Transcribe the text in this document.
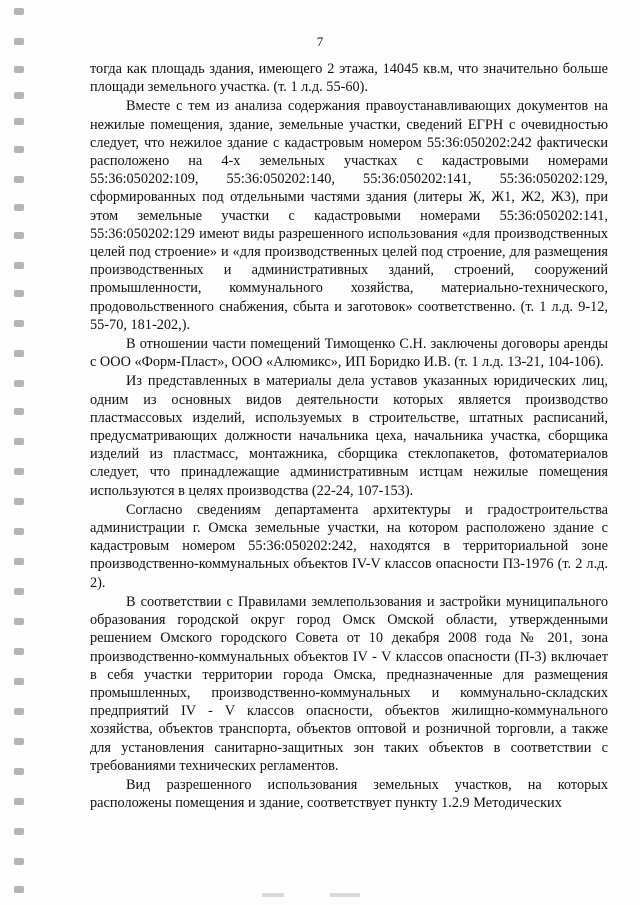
7

тогда как площадь здания, имеющего 2 этажа, 14045 кв.м, что значительно больше площади земельного участка. (т. 1 л.д. 55-60).

Вместе с тем из анализа содержания правоустанавливающих документов на нежилые помещения, здание, земельные участки, сведений ЕГРН с очевидностью следует, что нежилое здание с кадастровым номером 55:36:050202:242 фактически расположено на 4-х земельных участках с кадастровыми номерами 55:36:050202:109, 55:36:050202:140, 55:36:050202:141, 55:36:050202:129, сформированных под отдельными частями здания (литеры Ж, Ж1, Ж2, Ж3), при этом земельные участки с кадастровыми номерами 55:36:050202:141, 55:36:050202:129 имеют виды разрешенного использования «для производственных целей под строение» и «для производственных целей под строение, для размещения производственных и административных зданий, строений, сооружений промышленности, коммунального хозяйства, материально-технического, продовольственного снабжения, сбыта и заготовок» соответственно. (т. 1 л.д. 9-12, 55-70, 181-202,).

В отношении части помещений Тимощенко С.Н. заключены договоры аренды с ООО «Форм-Пласт», ООО «Алюмикс», ИП Боридко И.В. (т. 1 л.д. 13-21, 104-106).

Из представленных в материалы дела уставов указанных юридических лиц, одним из основных видов деятельности которых является производство пластмассовых изделий, используемых в строительстве, штатных расписаний, предусматривающих должности начальника цеха, начальника участка, сборщика изделий из пластмасс, монтажника, сборщика стеклопакетов, фотоматериалов следует, что принадлежащие административным истцам нежилые помещения используются в целях производства (22-24, 107-153).

Согласно сведениям департамента архитектуры и градостроительства администрации г. Омска земельные участки, на котором расположено здание с кадастровым номером 55:36:050202:242, находятся в территориальной зоне производственно-коммунальных объектов IV-V классов опасности П3-1976 (т. 2 л.д. 2).

В соответствии с Правилами землепользования и застройки муниципального образования городской округ город Омск Омской области, утвержденными решением Омского городского Совета от 10 декабря 2008 года № 201, зона производственно-коммунальных объектов IV - V классов опасности (П-3) включает в себя участки территории города Омска, предназначенные для размещения промышленных, производственно-коммунальных и коммунально-складских предприятий IV - V классов опасности, объектов жилищно-коммунального хозяйства, объектов транспорта, объектов оптовой и розничной торговли, а также для установления санитарно-защитных зон таких объектов в соответствии с требованиями технических регламентов.

Вид разрешенного использования земельных участков, на которых расположены помещения и здание, соответствует пункту 1.2.9 Методических
